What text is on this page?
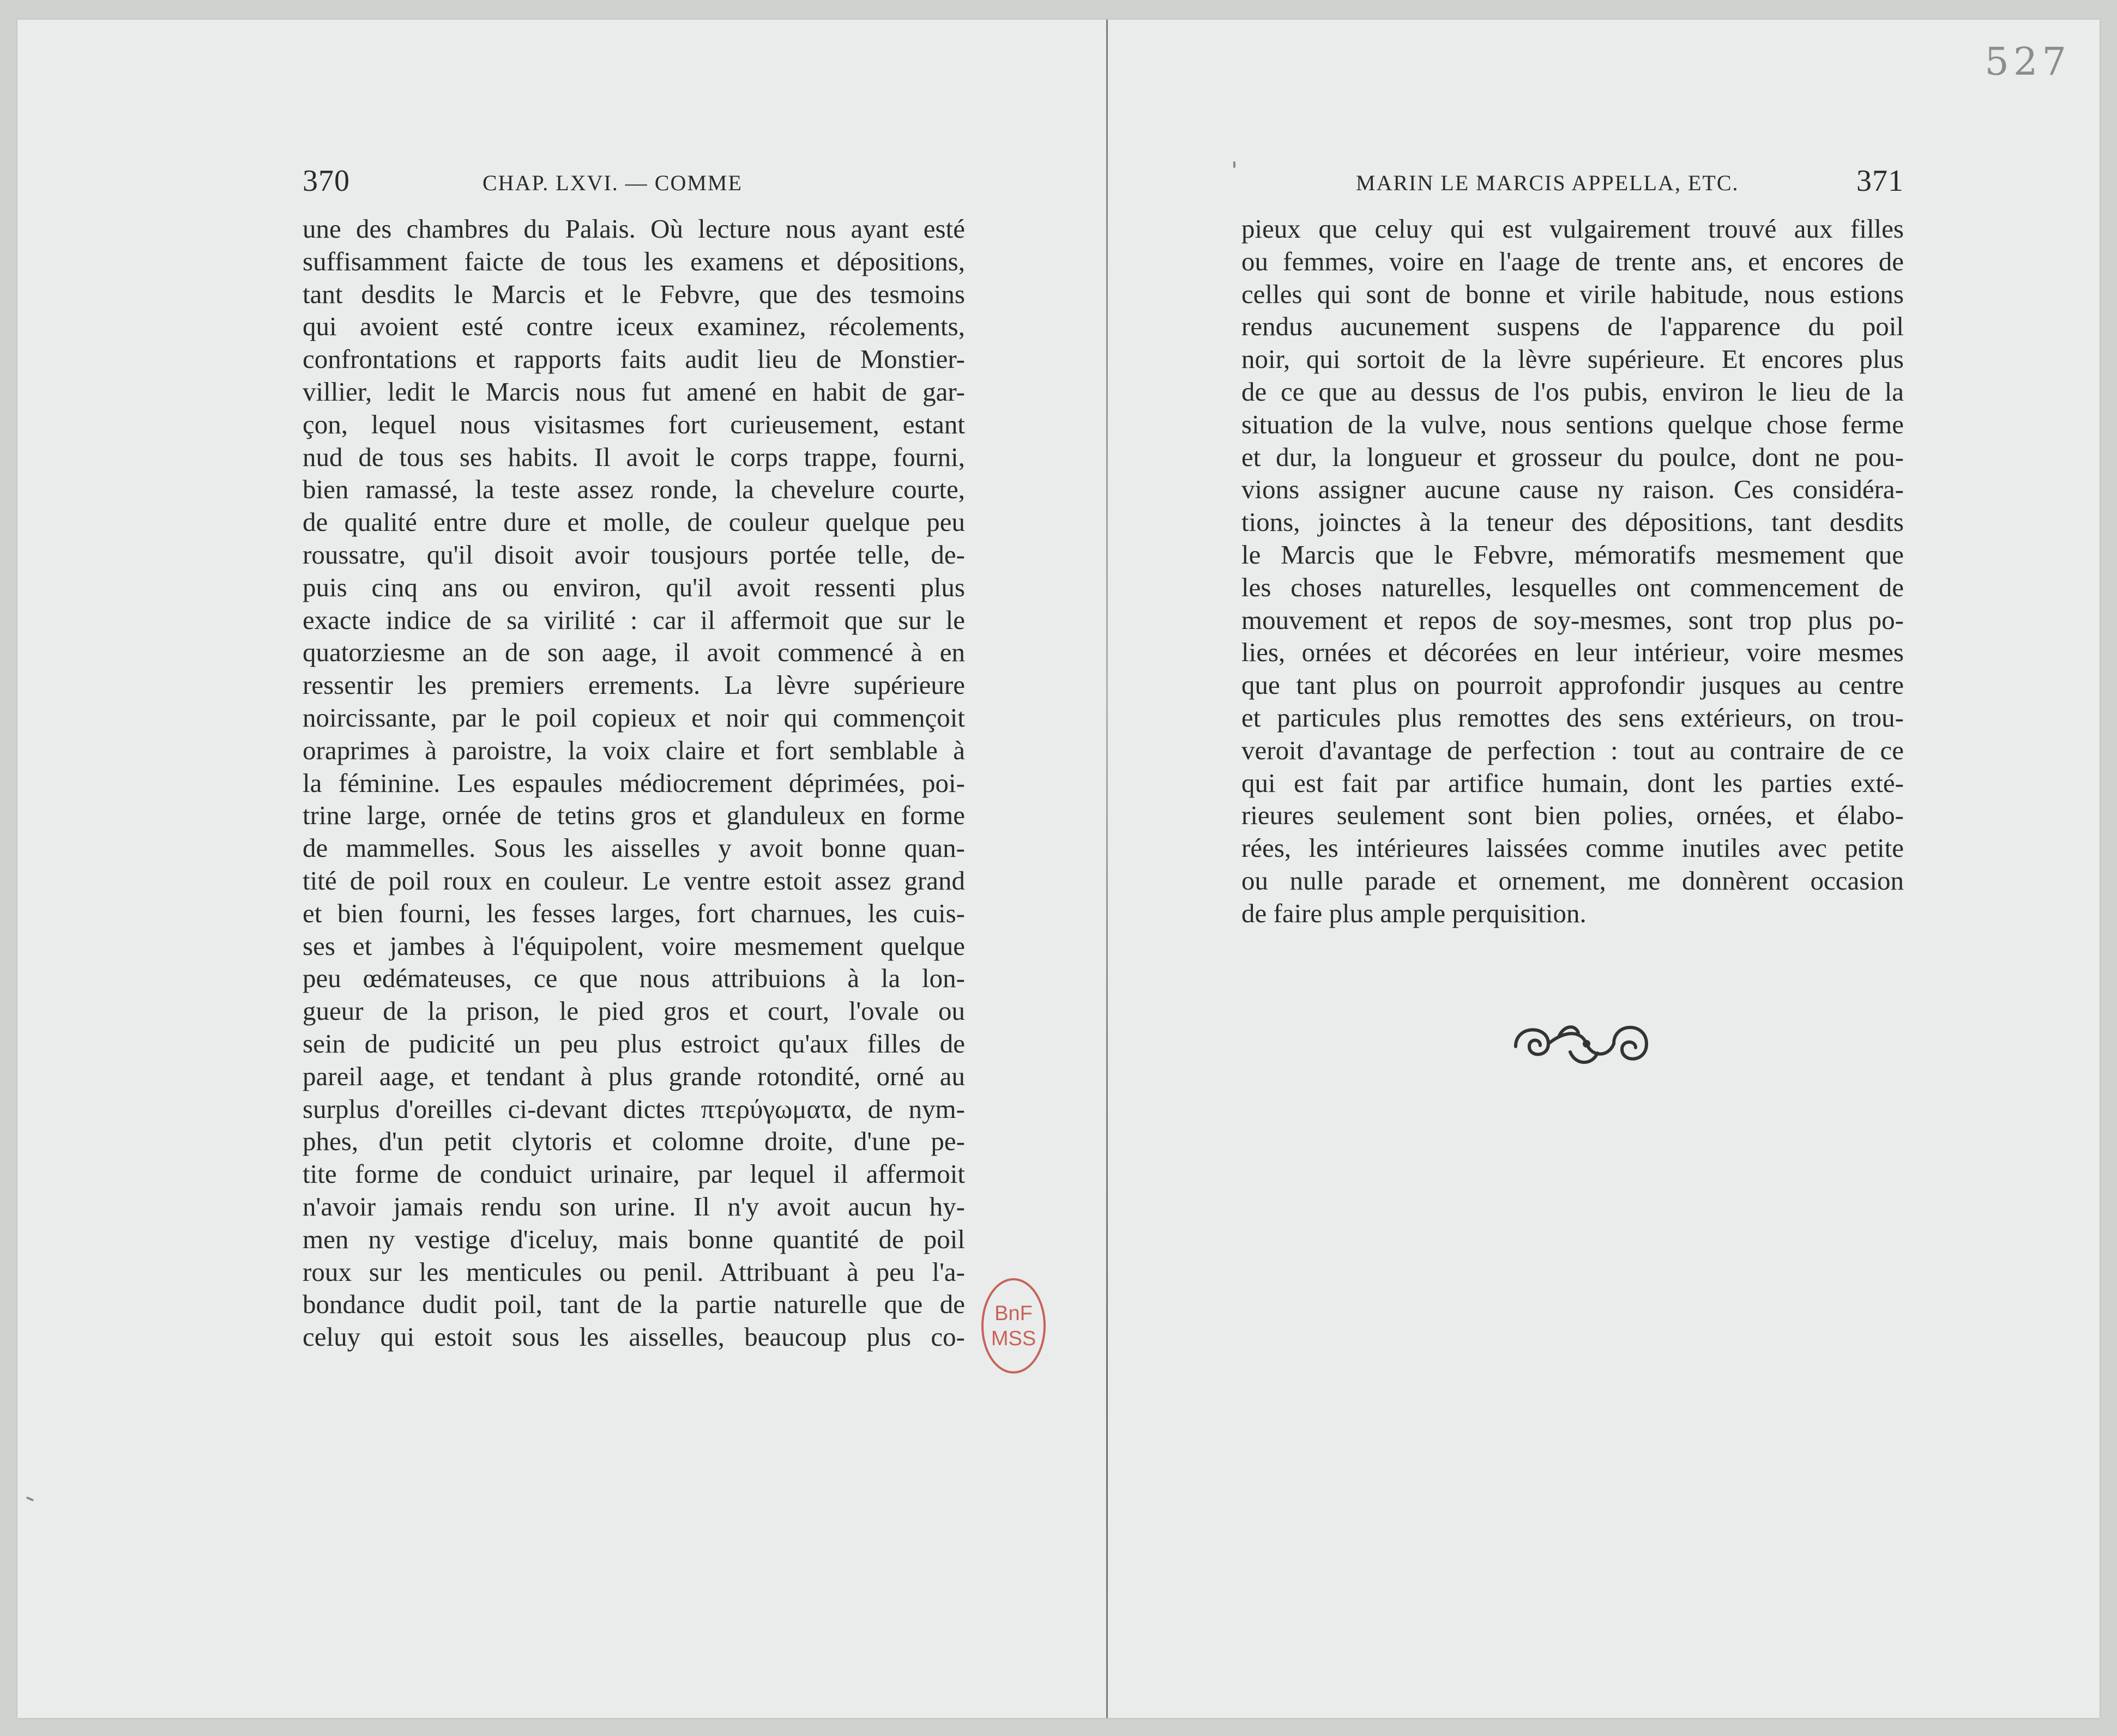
527
370	CHAP. LXVI. — COMME
une des chambres du Palais. Où lecture nous ayant esté
suffisamment faicte de tous les examens et dépositions,
tant desdits le Marcis et le Febvre, que des tesmoins
qui avoient esté contre iceux examinez, récolements,
confrontations et rapports faits audit lieu de Monstier-
villier, ledit le Marcis nous fut amené en habit de gar-
çon, lequel nous visitasmes fort curieusement, estant
nud de tous ses habits. Il avoit le corps trappe, fourni,
bien ramassé, la teste assez ronde, la chevelure courte,
de qualité entre dure et molle, de couleur quelque peu
roussatre, qu'il disoit avoir tousjours portée telle, de-
puis cinq ans ou environ, qu'il avoit ressenti plus
exacte indice de sa virilité : car il affermoit que sur le
quatorziesme an de son aage, il avoit commencé à en
ressentir les premiers errements. La lèvre supérieure
noircissante, par le poil copieux et noir qui commençoit
oraprimes à paroistre, la voix claire et fort semblable à
la féminine. Les espaules médiocrement déprimées, poi-
trine large, ornée de tetins gros et glanduleux en forme
de mammelles. Sous les aisselles y avoit bonne quan-
tité de poil roux en couleur. Le ventre estoit assez grand
et bien fourni, les fesses larges, fort charnues, les cuis-
ses et jambes à l'équipolent, voire mesmement quelque
peu œdémateuses, ce que nous attribuions à la lon-
gueur de la prison, le pied gros et court, l'ovale ou
sein de pudicité un peu plus estroict qu'aux filles de
pareil aage, et tendant à plus grande rotondité, orné au
surplus d'oreilles ci-devant dictes πτερύγωματα, de nym-
phes, d'un petit clytoris et colomne droite, d'une pe-
tite forme de conduict urinaire, par lequel il affermoit
n'avoir jamais rendu son urine. Il n'y avoit aucun hy-
men ny vestige d'iceluy, mais bonne quantité de poil
roux sur les menticules ou penil. Attribuant à peu l'a-
bondance dudit poil, tant de la partie naturelle que de
celuy qui estoit sous les aisselles, beaucoup plus co-
MARIN LE MARCIS APPELLA, ETC.	371
pieux que celuy qui est vulgairement trouvé aux filles
ou femmes, voire en l'aage de trente ans, et encores de
celles qui sont de bonne et virile habitude, nous estions
rendus aucunement suspens de l'apparence du poil
noir, qui sortoit de la lèvre supérieure. Et encores plus
de ce que au dessus de l'os pubis, environ le lieu de la
situation de la vulve, nous sentions quelque chose ferme
et dur, la longueur et grosseur du poulce, dont ne pou-
vions assigner aucune cause ny raison. Ces considéra-
tions, joinctes à la teneur des dépositions, tant desdits
le Marcis que le Febvre, mémoratifs mesmement que
les choses naturelles, lesquelles ont commencement de
mouvement et repos de soy-mesmes, sont trop plus po-
lies, ornées et décorées en leur intérieur, voire mesmes
que tant plus on pourroit approfondir jusques au centre
et particules plus remottes des sens extérieurs, on trou-
veroit d'avantage de perfection : tout au contraire de ce
qui est fait par artifice humain, dont les parties exté-
rieures seulement sont bien polies, ornées, et élabo-
rées, les intérieures laissées comme inutiles avec petite
ou nulle parade et ornement, me donnèrent occasion
de faire plus ample perquisition.
BnF
MSS
